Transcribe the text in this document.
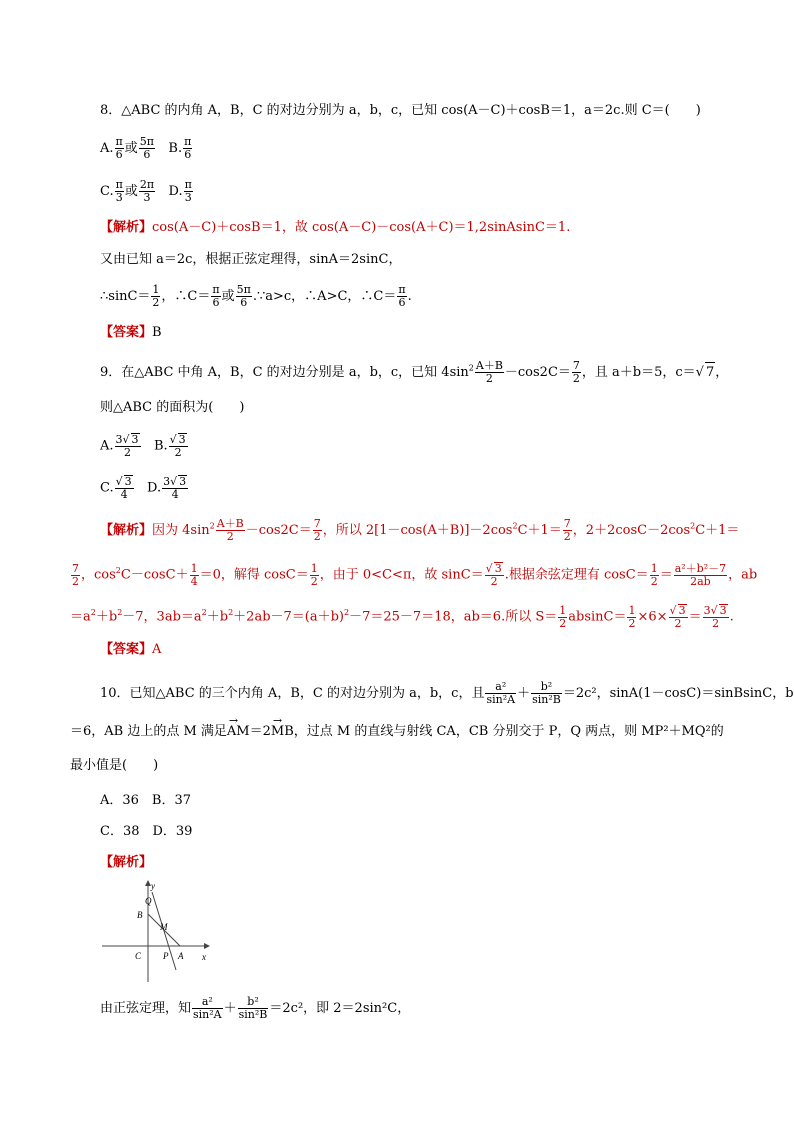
8．△ABC 的内角 A，B，C 的对边分别为 a，b，c，已知 cos(A－C)＋cosB＝1，a＝2c.则 C＝(　　)
A. $\frac{\pi}{6}$ 或 $\frac{5\pi}{6} B$. $\frac{\pi}{6}$
C. $\frac{\pi}{3}$ 或 $\frac{2\pi}{3} D$. $\frac{\pi}{3}$
【解析】cos(A－C)＋cosB＝1，故 cos(A－C)－cos(A＋C)＝1,2sinAsinC＝1.
又由已知 a＝2c，根据正弦定理得，sinA＝2sinC，
∴sinC＝ $\frac{1}{2}$ ，∴C＝ $\frac{\pi}{6}$ 或 $\frac{5\pi}{6}$ .∵a>c，∴A>C，∴C＝ $\frac{\pi}{6}$ .
【答案】B
9．在△ABC 中角 A，B，C 的对边分别是 a，b，c，已知 $4\sin^2 \frac{A+B}{2} -\cos 2C= \frac{7}{2}$ ，且 a＋b＝5，c＝√ 7，
则△ABC 的面积为(　　)
A. $\frac{3√ 3}{2} B$. $\frac{√ 3}{2}$
C. $\frac{√ 3}{4} D$. $\frac{3√ 3}{4}$
【解析】因为 $4\sin^2 \frac{A+B}{2} -\cos 2C= \frac{7}{2}$ ，所以 $2[1-\cos(A+B)]-2\cos^2C+1= \frac{7}{2}$ ，$2+2\cos C-2\cos^2C+1=$
$\frac{7}{2}$ ，$\cos^2C-\cos C+ \frac{1}{4} =0$，解得 $\cos C= \frac{1}{2}$ ，由于 0<C<π，故 $\sin C= \frac{√ 3}{2}$ .根据余弦定理有 $\cos C= \frac{1}{2} = \frac{\text{a²＋b²－7}}{2ab}$ ，ab
$=a^2+b^2-7$，$3ab=a^2+b^2+2ab-7=(a+b)^2-7=25-7=18$，ab＝6.所以 $S= \frac{1}{2} absinC= \frac{1}{2} \times 6\times \frac{√ 3}{2} = \frac{3√ 3}{2}$ .
【答案】A
10．已知△ABC 的三个内角 A，B，C 的对边分别为 a，b，c，且 $\frac{\text{a²}}{\text{sin²A}} + \frac{\text{b²}}{\text{sin²B}} =2c^2$，sinA(1－cosC)＝sinBsinC，b
＝6，AB 边上的点 M 满足→ AM＝2→ MB，过点 M 的直线与射线 CA，CB 分别交于 P，Q 两点，则 MP²＋MQ²的
最小值是(　　)
A．36　B．37
C．38　D．39
【解析】
x
y
C P A
B
Q
M
由正弦定理，知 $\frac{\text{a²}}{\text{sin²A}} + \frac{\text{b²}}{\text{sin²B}} =2c^2$，即 2＝2sin²C，
